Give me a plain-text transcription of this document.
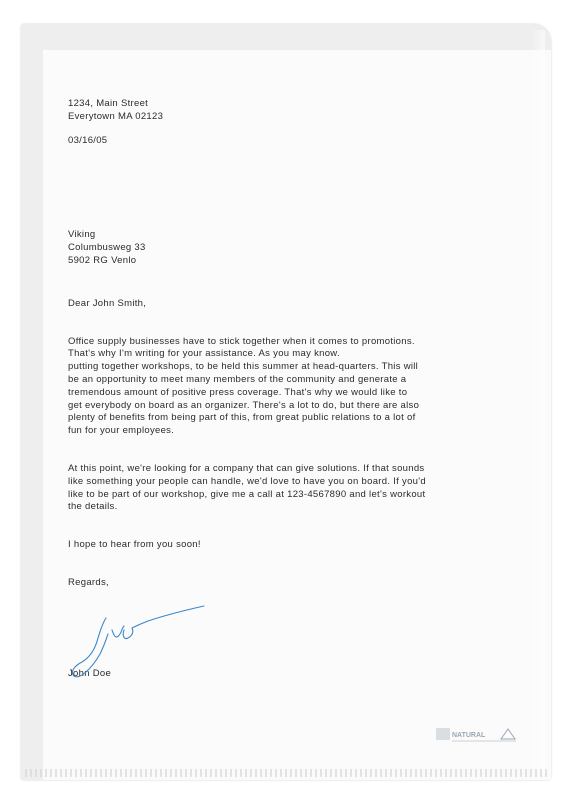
1234, Main Street
Everytown MA 02123
03/16/05
Viking
Columbusweg 33
5902 RG Venlo
Dear John Smith,
Office supply businesses have to stick together when it comes to promotions.
That's why I'm writing for your assistance. As you may know.
putting together workshops, to be held this summer at head-quarters. This will
be an opportunity to meet many members of the community and generate a
tremendous amount of positive press coverage. That's why we would like to
get everybody on board as an organizer. There's a lot to do, but there are also
plenty of benefits from being part of this, from great public relations to a lot of
fun for your employees.
At this point, we're looking for a company that can give solutions. If that sounds
like something your people can handle, we'd love to have you on board. If you'd
like to be part of our workshop, give me a call at 123-4567890 and let's workout
the details.
I hope to hear from you soon!
Regards,
John Doe
NATURAL
